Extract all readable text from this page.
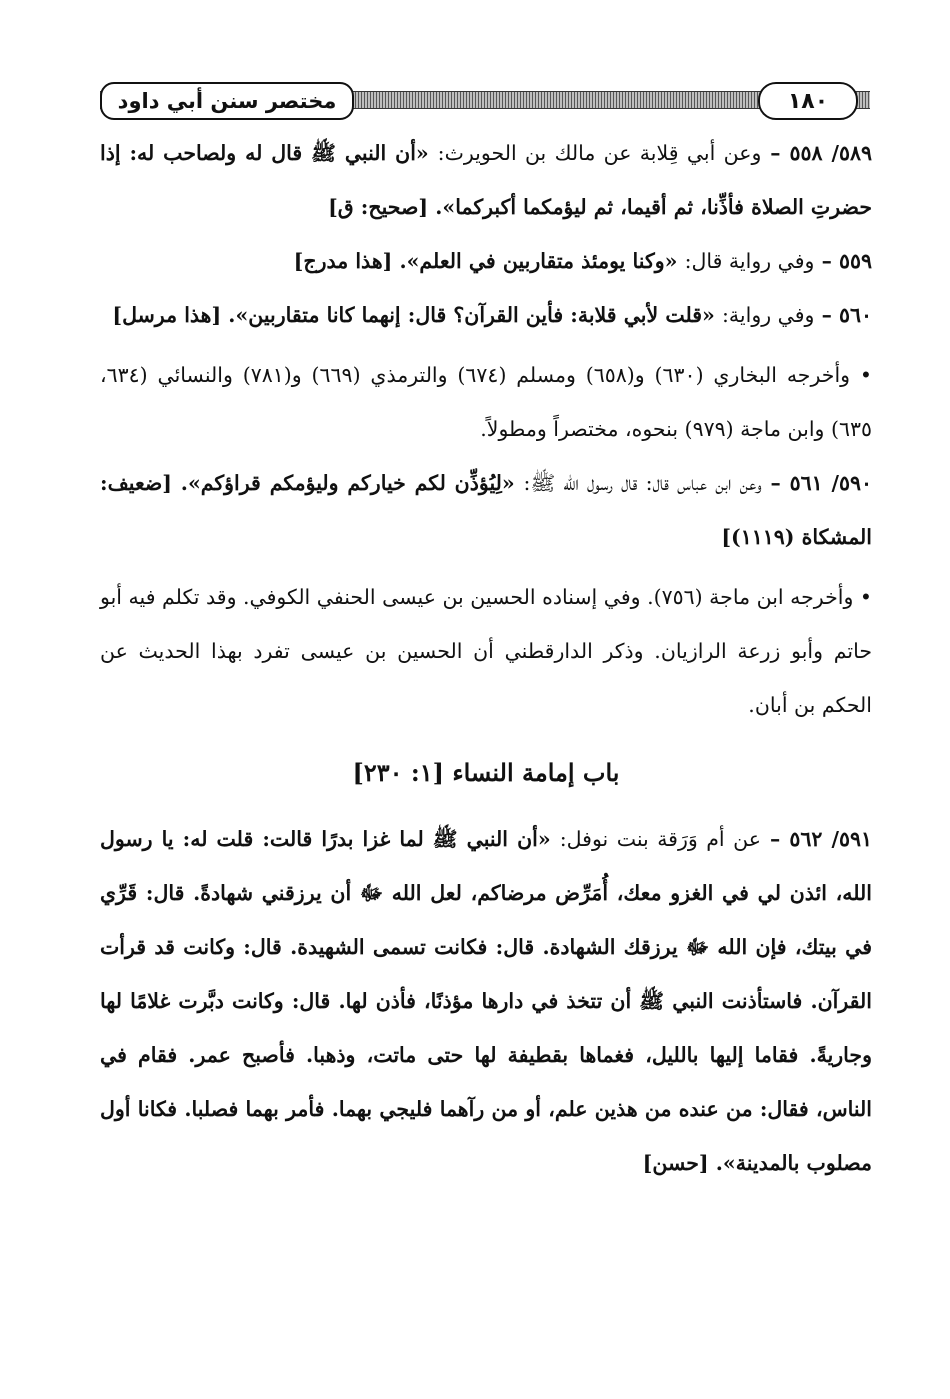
مختصر سنن أبي داود	١٨٠

٥٨٩/ ٥٥٨ – وعن أبي قِلابة عن مالك بن الحويرث: «أن النبي ﷺ قال له ولصاحب له: إذا حضرتِ الصلاة فأذِّنا، ثم أقيما، ثم ليؤمكما أكبركما». [صحيح: ق]

٥٥٩ – وفي رواية قال: «وكنا يومئذ متقاربين في العلم». [هذا مدرج]

٥٦٠ – وفي رواية: «قلت لأبي قلابة: فأين القرآن؟ قال: إنهما كانا متقاربين». [هذا مرسل]

• وأخرجه البخاري (٦٣٠) و(٦٥٨) ومسلم (٦٧٤) والترمذي (٦٦٩) و(٧٨١) والنسائي (٦٣٤، ٦٣٥) وابن ماجة (٩٧٩) بنحوه، مختصراً ومطولاً.

٥٩٠/ ٥٦١ – وعن ابن عباس قال: قال رسول الله ﷺ: «لِيُؤذِّن لكم خياركم وليؤمكم قراؤكم». [ضعيف: المشكاة (١١١٩)]

• وأخرجه ابن ماجة (٧٥٦). وفي إسناده الحسين بن عيسى الحنفي الكوفي. وقد تكلم فيه أبو حاتم وأبو زرعة الرازيان. وذكر الدارقطني أن الحسين بن عيسى تفرد بهذا الحديث عن الحكم بن أبان.

باب إمامة النساء [١: ٢٣٠]

٥٩١/ ٥٦٢ – عن أم وَرَقة بنت نوفل: «أن النبي ﷺ لما غزا بدرًا قالت: قلت له: يا رسول الله، ائذن لي في الغزو معك، أُمَرِّض مرضاكم، لعل الله ﷻ أن يرزقني شهادةً. قال: قَرِّي في بيتك، فإن الله ﷻ يرزقك الشهادة. قال: فكانت تسمى الشهيدة. قال: وكانت قد قرأت القرآن. فاستأذنت النبي ﷺ أن تتخذ في دارها مؤذنًا، فأذن لها. قال: وكانت دبَّرت غلامًا لها وجاريةً. فقاما إليها بالليل، فغماها بقطيفة لها حتى ماتت، وذهبا. فأصبح عمر. فقام في الناس، فقال: من عنده من هذين علم، أو من رآهما فليجي بهما. فأمر بهما فصلبا. فكانا أول مصلوب بالمدينة». [حسن]
